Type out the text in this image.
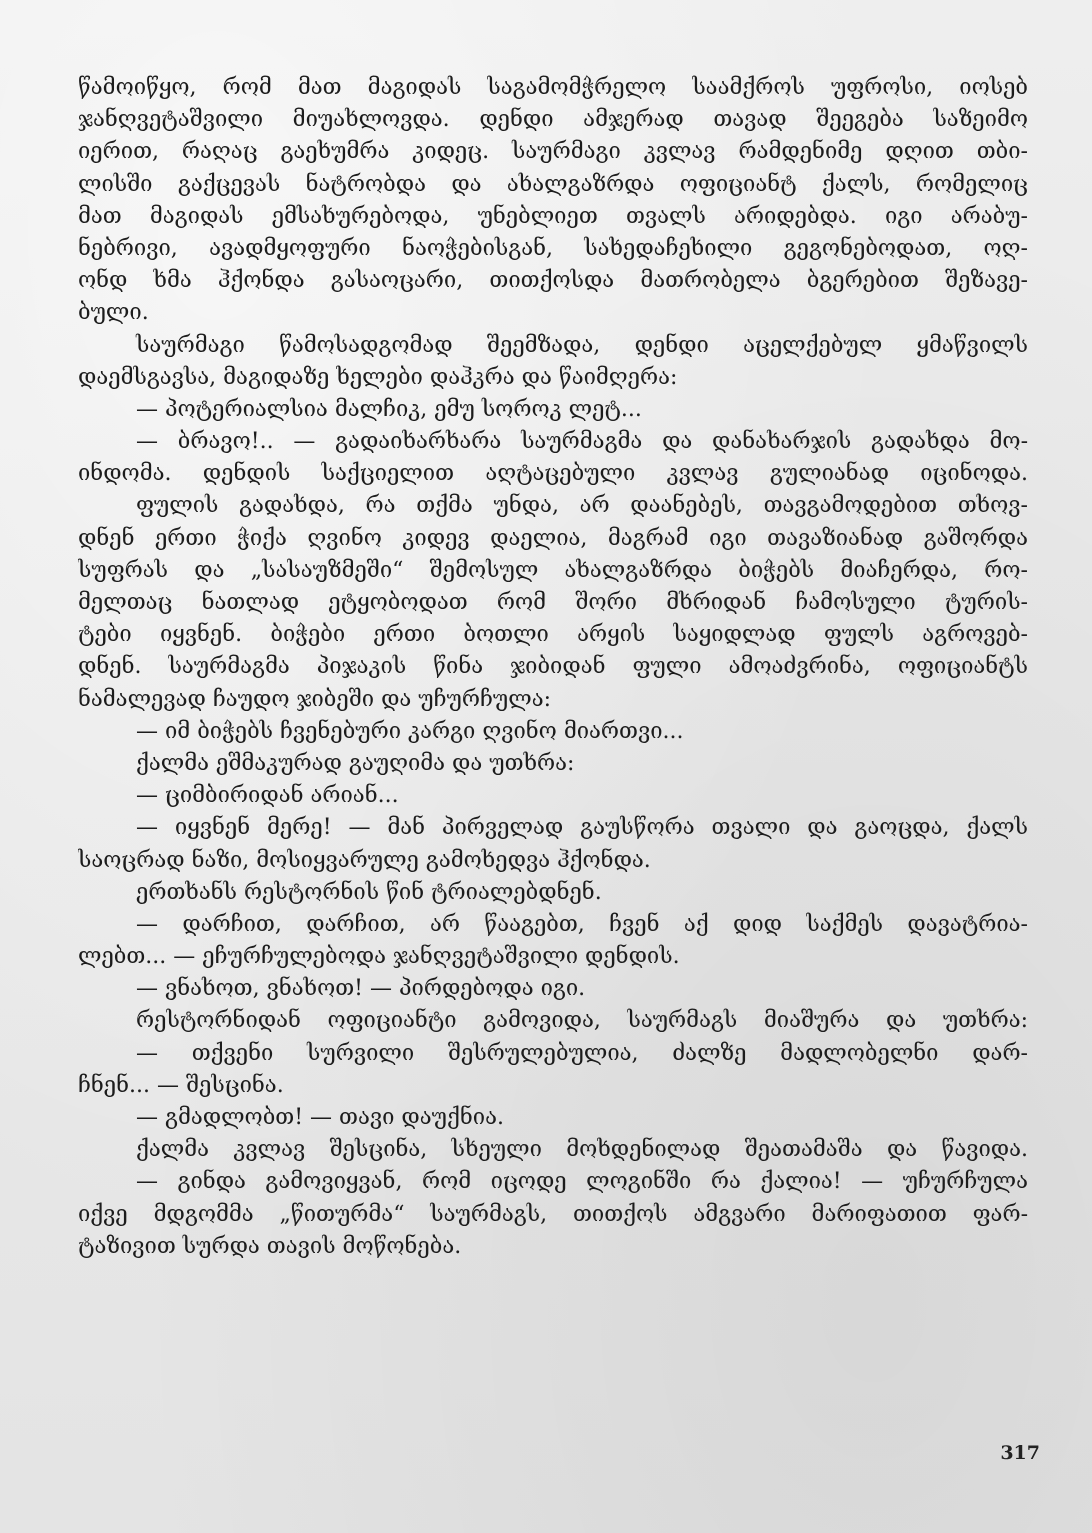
წამოიწყო, რომ მათ მაგიდას საგამომჭრელო საამქროს უფროსი, იოსებ
ჯანღვეტაშვილი მიუახლოვდა. დენდი ამჯერად თავად შეეგება საზეიმო
იერით, რაღაც გაეხუმრა კიდეც. საურმაგი კვლავ რამდენიმე დღით თბი-
ლისში გაქცევას ნატრობდა და ახალგაზრდა ოფიციანტ ქალს, რომელიც
მათ მაგიდას ემსახურებოდა, უნებლიეთ თვალს არიდებდა. იგი არაბუ-
ნებრივი, ავადმყოფური ნაოჭებისგან, სახედაჩეხილი გეგონებოდათ, ოღ-
ონდ ხმა ჰქონდა გასაოცარი, თითქოსდა მათრობელა ბგერებით შეზავე-
ბული.
საურმაგი წამოსადგომად შეემზადა, დენდი აცელქებულ ყმაწვილს
დაემსგავსა, მაგიდაზე ხელები დაჰკრა და წაიმღერა:
— პოტერიალსია მალჩიკ, ემუ სოროკ ლეტ...
— ბრავო!.. — გადაიხარხარა საურმაგმა და დანახარჯის გადახდა მო-
ინდომა. დენდის საქციელით აღტაცებული კვლავ გულიანად იცინოდა.
ფულის გადახდა, რა თქმა უნდა, არ დაანებეს, თავგამოდებით თხოვ-
დნენ ერთი ჭიქა ღვინო კიდევ დაელია, მაგრამ იგი თავაზიანად გაშორდა
სუფრას და „სასაუზმეში“ შემოსულ ახალგაზრდა ბიჭებს მიაჩერდა, რო-
მელთაც ნათლად ეტყობოდათ რომ შორი მხრიდან ჩამოსული ტურის-
ტები იყვნენ. ბიჭები ერთი ბოთლი არყის საყიდლად ფულს აგროვებ-
დნენ. საურმაგმა პიჯაკის წინა ჯიბიდან ფული ამოაძვრინა, ოფიციანტს
ნამალევად ჩაუდო ჯიბეში და უჩურჩულა:
— იმ ბიჭებს ჩვენებური კარგი ღვინო მიართვი...
ქალმა ეშმაკურად გაუღიმა და უთხრა:
— ციმბირიდან არიან...
— იყვნენ მერე! — მან პირველად გაუსწორა თვალი და გაოცდა, ქალს
საოცრად ნაზი, მოსიყვარულე გამოხედვა ჰქონდა.
ერთხანს რესტორნის წინ ტრიალებდნენ.
— დარჩით, დარჩით, არ წააგებთ, ჩვენ აქ დიდ საქმეს დავატრია-
ლებთ... — ეჩურჩულებოდა ჯანღვეტაშვილი დენდის.
— ვნახოთ, ვნახოთ! — პირდებოდა იგი.
რესტორნიდან ოფიციანტი გამოვიდა, საურმაგს მიაშურა და უთხრა:
— თქვენი სურვილი შესრულებულია, ძალზე მადლობელნი დარ-
ჩნენ... — შესცინა.
— გმადლობთ! — თავი დაუქნია.
ქალმა კვლავ შესცინა, სხეული მოხდენილად შეათამაშა და წავიდა.
— გინდა გამოვიყვან, რომ იცოდე ლოგინში რა ქალია! — უჩურჩულა
იქვე მდგომმა „წითურმა“ საურმაგს, თითქოს ამგვარი მარიფათით ფარ-
ტაზივით სურდა თავის მოწონება.
317
